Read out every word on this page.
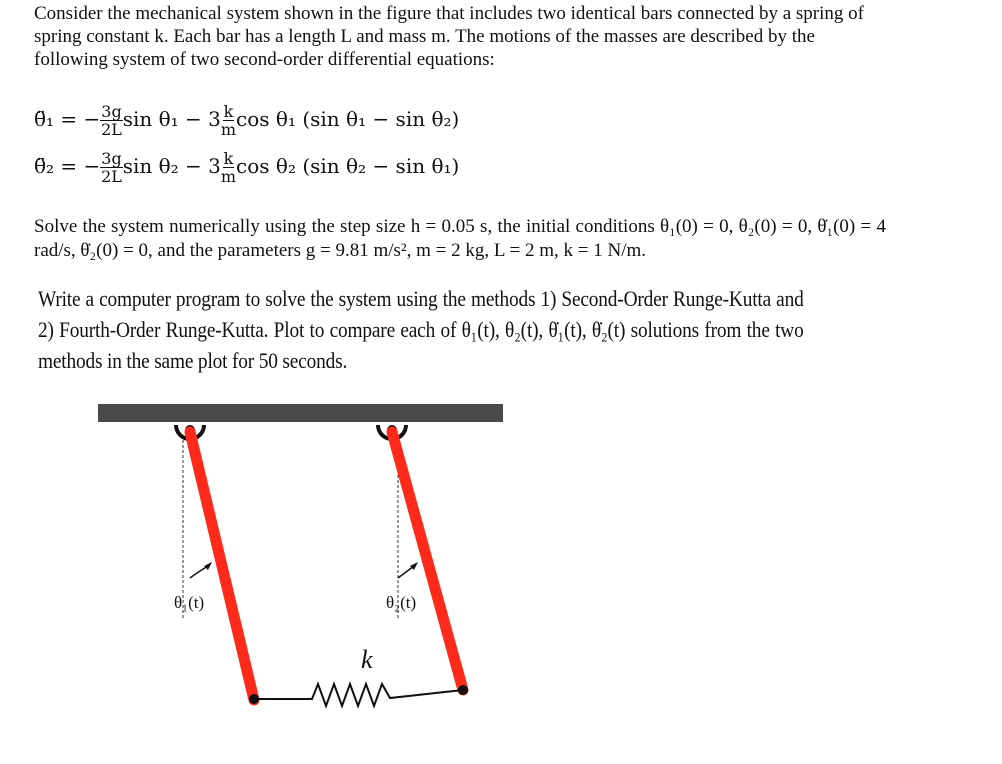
Consider the mechanical system shown in the figure that includes two identical bars connected by a spring of spring constant k. Each bar has a length L and mass m. The motions of the masses are described by the following system of two second-order differential equations:
θ̈₁ = − $\frac{3g}{2L}$ $\sin \theta_1 - 3 \frac{k}{m}$ cos θ₁ (sin θ₁ − sin θ₂)
θ̈₂ = − $\frac{3g}{2L}$ $\sin \theta_2 - 3 \frac{k}{m}$ cos θ₂ (sin θ₂ − sin θ₁)
Solve the system numerically using the step size h = 0.05 s, the initial conditions θ₁(0) = 0, θ₂(0) = 0, θ̇₁(0) = 4 rad/s, θ̇₂(0) = 0, and the parameters g = 9.81 m/s², m = 2 kg, L = 2 m, k = 1 N/m.
Write a computer program to solve the system using the methods 1) Second-Order Runge-Kutta and 2) Fourth-Order Runge-Kutta. Plot to compare each of θ₁(t), θ₂(t), θ̇₁(t), θ̇₂(t) solutions from the two methods in the same plot for 50 seconds.
θ₁(t)	θ₂(t)
k
